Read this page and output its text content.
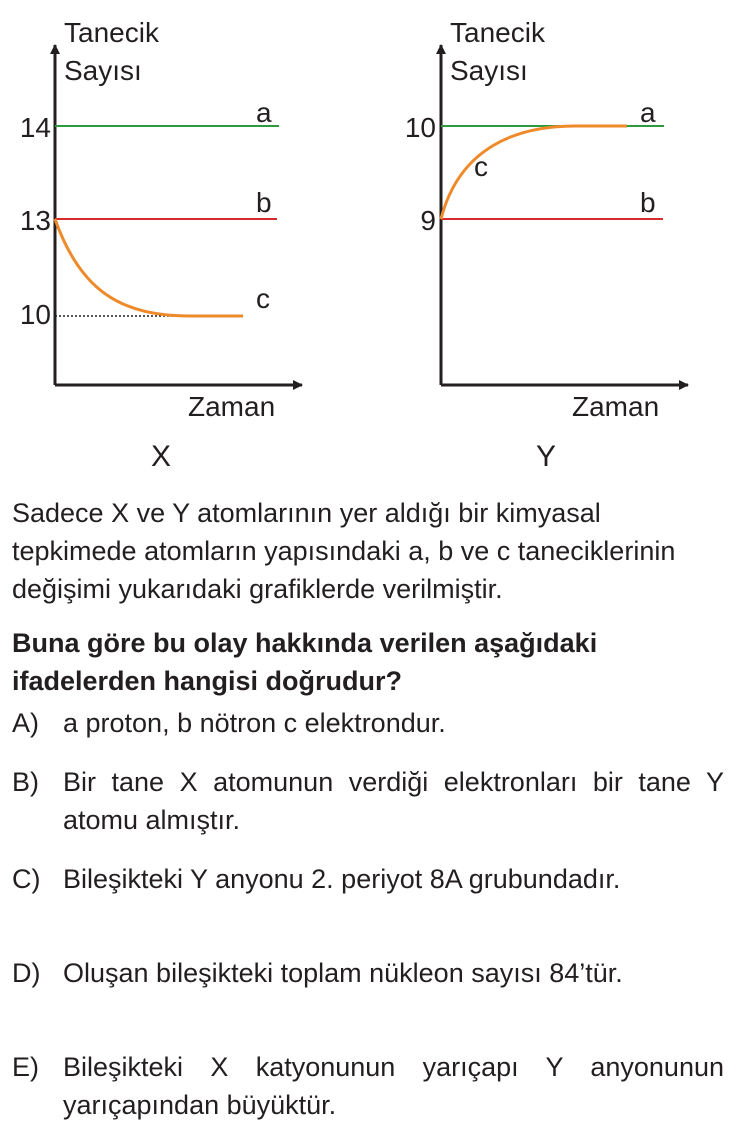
Tanecik
Sayısı
14
13
10
a
b
c
Zaman
X
Tanecik
Sayısı
10
9
a
c
b
Zaman
Y

Sadece X ve Y atomlarının yer aldığı bir kimyasal tepkimede atomların yapısındaki a, b ve c taneciklerinin değişimi yukarıdaki grafiklerde verilmiştir.

Buna göre bu olay hakkında verilen aşağıdaki ifadelerden hangisi doğrudur?

A) a proton, b nötron c elektrondur.
B) Bir tane X atomunun verdiği elektronları bir tane Y atomu almıştır.
C) Bileşikteki Y anyonu 2. periyot 8A grubundadır.
D) Oluşan bileşikteki toplam nükleon sayısı 84’tür.
E) Bileşikteki X katyonunun yarıçapı Y anyonunun yarıçapından büyüktür.
